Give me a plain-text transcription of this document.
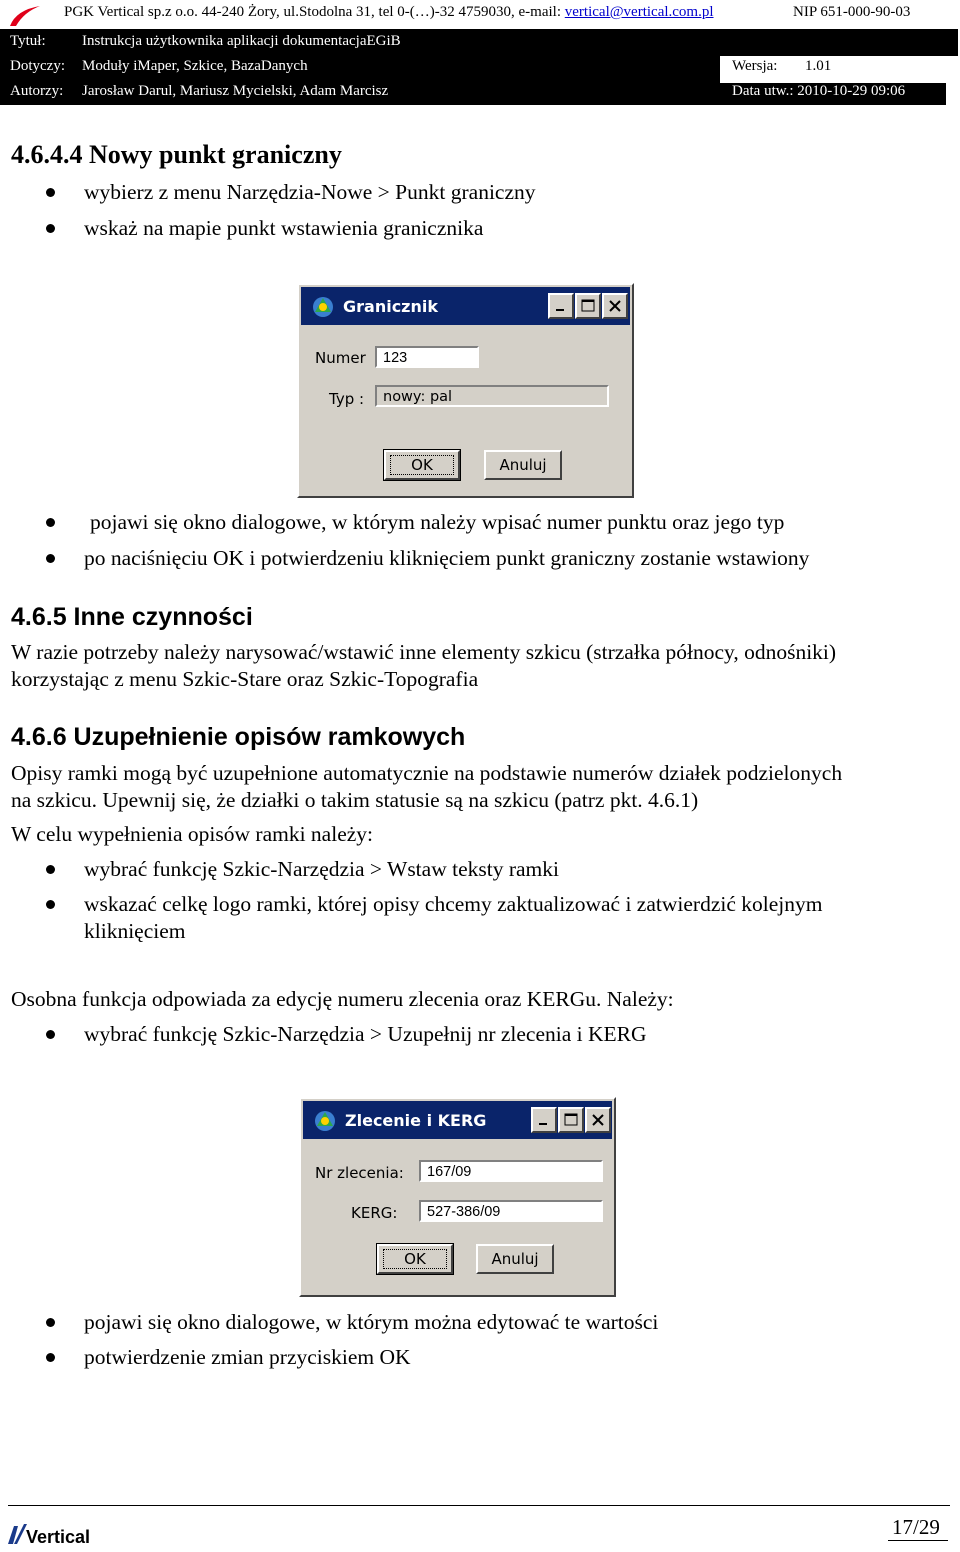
PGK Vertical sp.z o.o. 44-240 Żory, ul.Stodolna 31, tel 0-(…)-32 4759030, e-mail: vertical@vertical.com.pl	NIP 651-000-90-03
Tytuł: Instrukcja użytkownika aplikacji dokumentacjaEGiB
Dotyczy: Moduły iMaper, Szkice, BazaDanych
Autorzy: Jarosław Darul, Mariusz Mycielski, Adam Marcisz
Wersja: 1.01
Data utw.: 2010-10-29 09:06
4.6.4.4 Nowy punkt graniczny
wybierz z menu Narzędzia-Nowe > Punkt graniczny
wskaż na mapie punkt wstawienia granicznika
Granicznik
Numer
123
Typ :	nowy: pal
OK	Anuluj
pojawi się okno dialogowe, w którym należy wpisać numer punktu oraz jego typ
po naciśnięciu OK i potwierdzeniu kliknięciem punkt graniczny zostanie wstawiony
4.6.5 Inne czynności
W razie potrzeby należy narysować/wstawić inne elementy szkicu (strzałka północy, odnośniki)
korzystając z menu Szkic-Stare oraz Szkic-Topografia
4.6.6 Uzupełnienie opisów ramkowych
Opisy ramki mogą być uzupełnione automatycznie na podstawie numerów działek podzielonych
na szkicu. Upewnij się, że działki o takim statusie są na szkicu (patrz pkt. 4.6.1)
W celu wypełnienia opisów ramki należy:
wybrać funkcję Szkic-Narzędzia > Wstaw teksty ramki
wskazać celkę logo ramki, której opisy chcemy zaktualizować i zatwierdzić kolejnym
kliknięciem
Osobna funkcja odpowiada za edycję numeru zlecenia oraz KERGu. Należy:
wybrać funkcję Szkic-Narzędzia > Uzupełnij nr zlecenia i KERG
Zlecenie i KERG
Nr zlecenia:
167/09
KERG:
527-386/09
OK	Anuluj
pojawi się okno dialogowe, w którym można edytować te wartości
potwierdzenie zmian przyciskiem OK
Vertical	17/29
